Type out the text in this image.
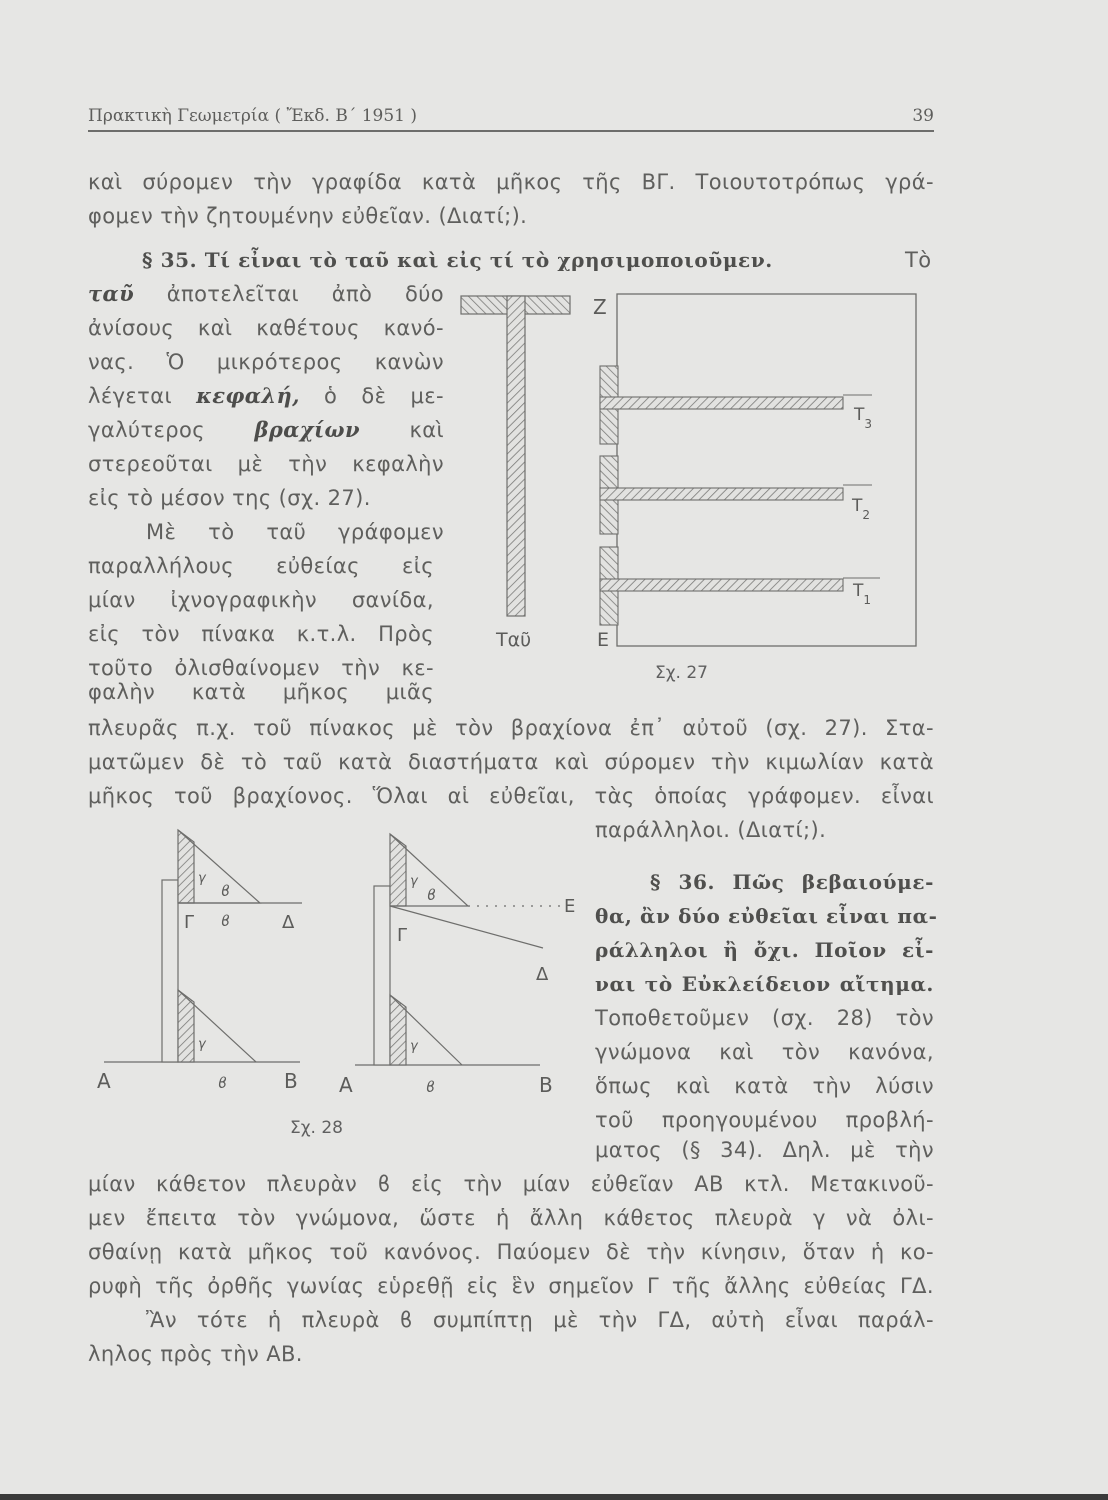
Πρακτικὴ Γεωμετρία ( Ἔκδ. Β΄ 1951 )	39
καὶ σύρομεν τὴν γραφίδα κατὰ μῆκος τῆς ΒΓ. Τοιουτοτρόπως γρά-
φομεν τὴν ζητουμένην εὐθεῖαν. (Διατί;).
§ 35. Τί εἶναι τὸ ταῦ καὶ εἰς τί τὸ χρησιμοποιοῦμεν.	Τὸ
ταῦ ἀποτελεῖται ἀπὸ δύο
ἀνίσους καὶ καθέτους κανό-
νας. Ὁ μικρότερος κανὼν
λέγεται κεφαλή, ὁ δὲ με-
γαλύτερος βραχίων καὶ
στερεοῦται μὲ τὴν κεφαλὴν
εἰς τὸ μέσον της (σχ. 27).
Μὲ τὸ ταῦ γράφομεν
παραλλήλους εὐθείας εἰς
μίαν ἰχνογραφικὴν σανίδα,
εἰς τὸν πίνακα κ.τ.λ. Πρὸς
τοῦτο ὀλισθαίνομεν τὴν κε-
φαλὴν κατὰ μῆκος μιᾶς
Ταῦ
Ζ
Ε
$T_3$
$T_2$
$T_1$
Σχ. 27
πλευρᾶς π.χ. τοῦ πίνακος μὲ τὸν βραχίονα ἐπ᾽ αὐτοῦ (σχ. 27). Στα-
ματῶμεν δὲ τὸ ταῦ κατὰ διαστήματα καὶ σύρομεν τὴν κιμωλίαν κατὰ
μῆκος τοῦ βραχίονος. Ὅλαι αἱ εὐθεῖαι, τὰς ὁποίας γράφομεν. εἶναι
παράλληλοι. (Διατί;).
Γ ϐ	Δ
ϐ
γ
γ
Α	ϐ	Β
Ε
Γ
Δ
ϐ
γ
γ
Α	ϐ	Β
Σχ. 28
§ 36. Πῶς βεβαιούμε-
θα, ἂν δύο εὐθεῖαι εἶναι πα-
ράλληλοι ἢ ὄχι. Ποῖον εἶ-
ναι τὸ Εὐκλείδειον αἴτημα.
Τοποθετοῦμεν (σχ. 28) τὸν
γνώμονα καὶ τὸν κανόνα,
ὅπως καὶ κατὰ τὴν λύσιν
τοῦ προηγουμένου προβλή-
ματος (§ 34). Δηλ. μὲ τὴν
μίαν κάθετον πλευρὰν ϐ εἰς τὴν μίαν εὐθεῖαν ΑΒ κτλ. Μετακινοῦ-
μεν ἔπειτα τὸν γνώμονα, ὥστε ἡ ἄλλη κάθετος πλευρὰ γ νὰ ὀλι-
σθαίνῃ κατὰ μῆκος τοῦ κανόνος. Παύομεν δὲ τὴν κίνησιν, ὅταν ἡ κο-
ρυφὴ τῆς ὀρθῆς γωνίας εὑρεθῇ εἰς ἓν σημεῖον Γ τῆς ἄλλης εὐθείας ΓΔ.
Ἂν τότε ἡ πλευρὰ ϐ συμπίπτῃ μὲ τὴν ΓΔ, αὐτὴ εἶναι παράλ-
ληλος πρὸς τὴν ΑΒ.
